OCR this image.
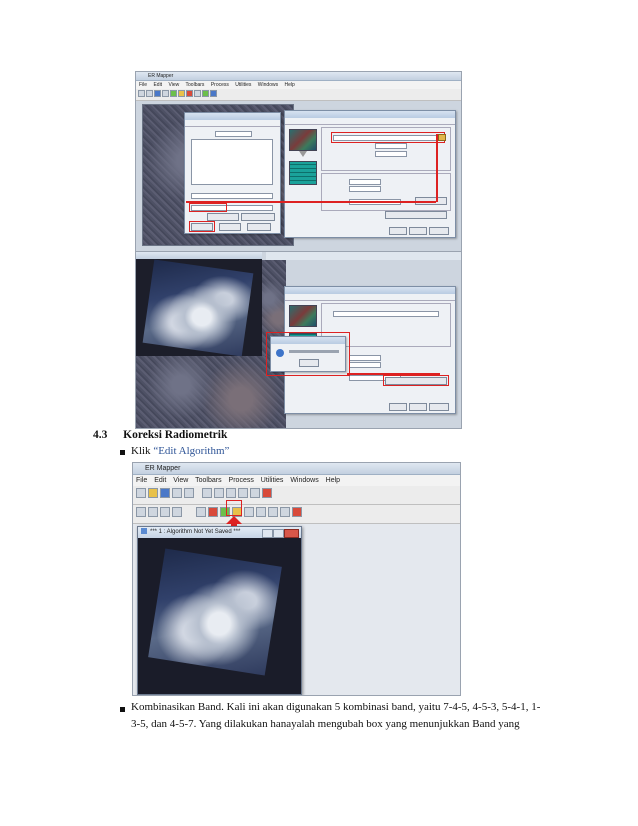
ER Mapper
File Edit View Toolbars Process Utilities Windows Help
4.3 Koreksi Radiometrik
Klik “Edit Algorithm”
ER Mapper
File Edit View Toolbars Process Utilities Windows Help
*** 1 : Algorithm Not Yet Saved ***
Kombinasikan Band. Kali ini akan digunakan 5 kombinasi band, yaitu 7-4-5, 4-5-3, 5-4-1, 1-
3-5, dan 4-5-7. Yang dilakukan hanayalah mengubah box yang menunjukkan Band yang
